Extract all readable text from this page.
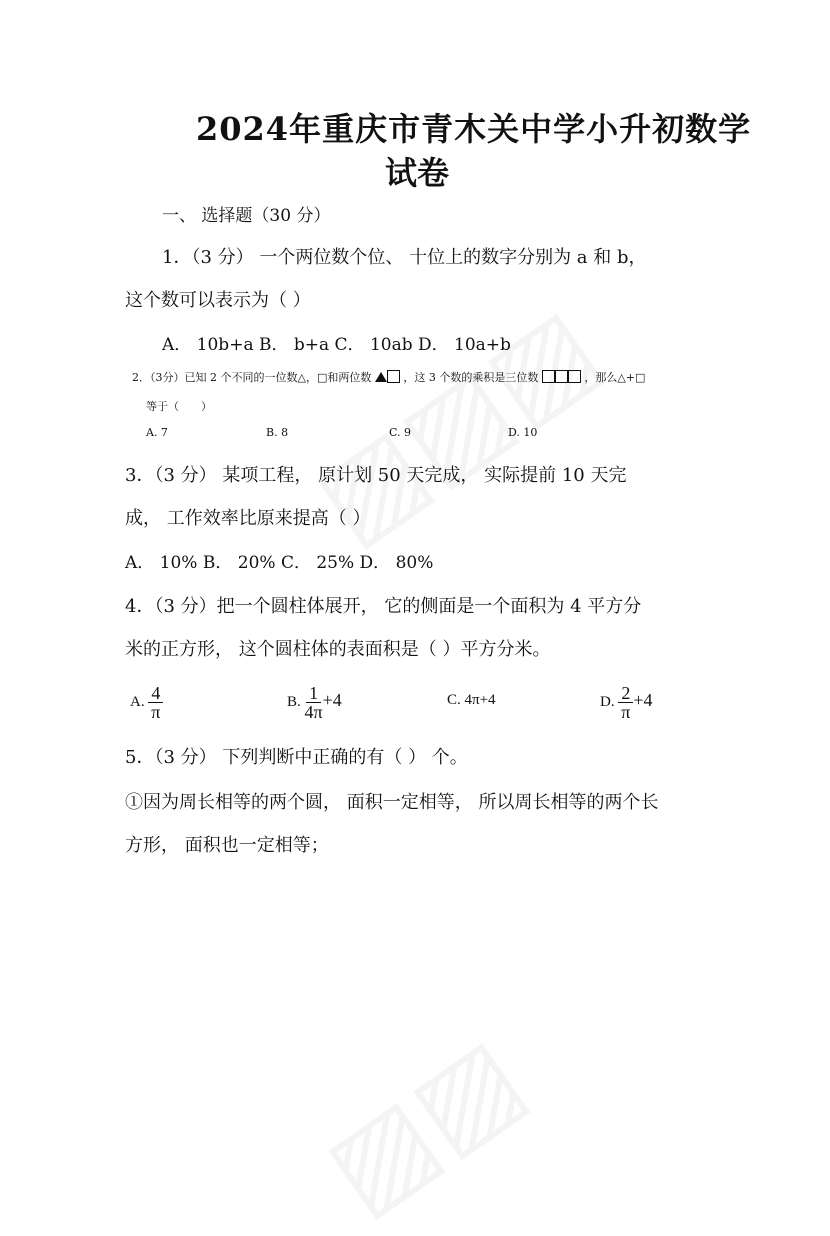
2024年重庆市青木关中学小升初数学
试卷
一、 选择题（30 分）
1．（3 分） 一个两位数个位、 十位上的数字分别为 a 和 b，
这个数可以表示为（ ）
A． 10b+a B． b+a C． 10ab D． 10a+b
2．（3分）已知 2 个不同的一位数△，□和两位数	，这 3 个数的乘积是三位数	，那么△+□
等于（　　）
A. 7	B. 8	C. 9	D. 10
3．（3 分） 某项工程， 原计划 50 天完成， 实际提前 10 天完
成， 工作效率比原来提高（ ）
A． 10% B． 20% C． 25% D． 80%
4．（3 分）把一个圆柱体展开， 它的侧面是一个面积为 4 平方分
米的正方形， 这个圆柱体的表面积是（ ）平方分米。
A. $\frac{4}{\pi}$	B. $\frac{1}{4\pi} +4$	C. 4π+4	D. $\frac{2}{\pi} +4$
5．（3 分） 下列判断中正确的有（ ） 个。
①因为周长相等的两个圆， 面积一定相等， 所以周长相等的两个长
方形， 面积也一定相等；
